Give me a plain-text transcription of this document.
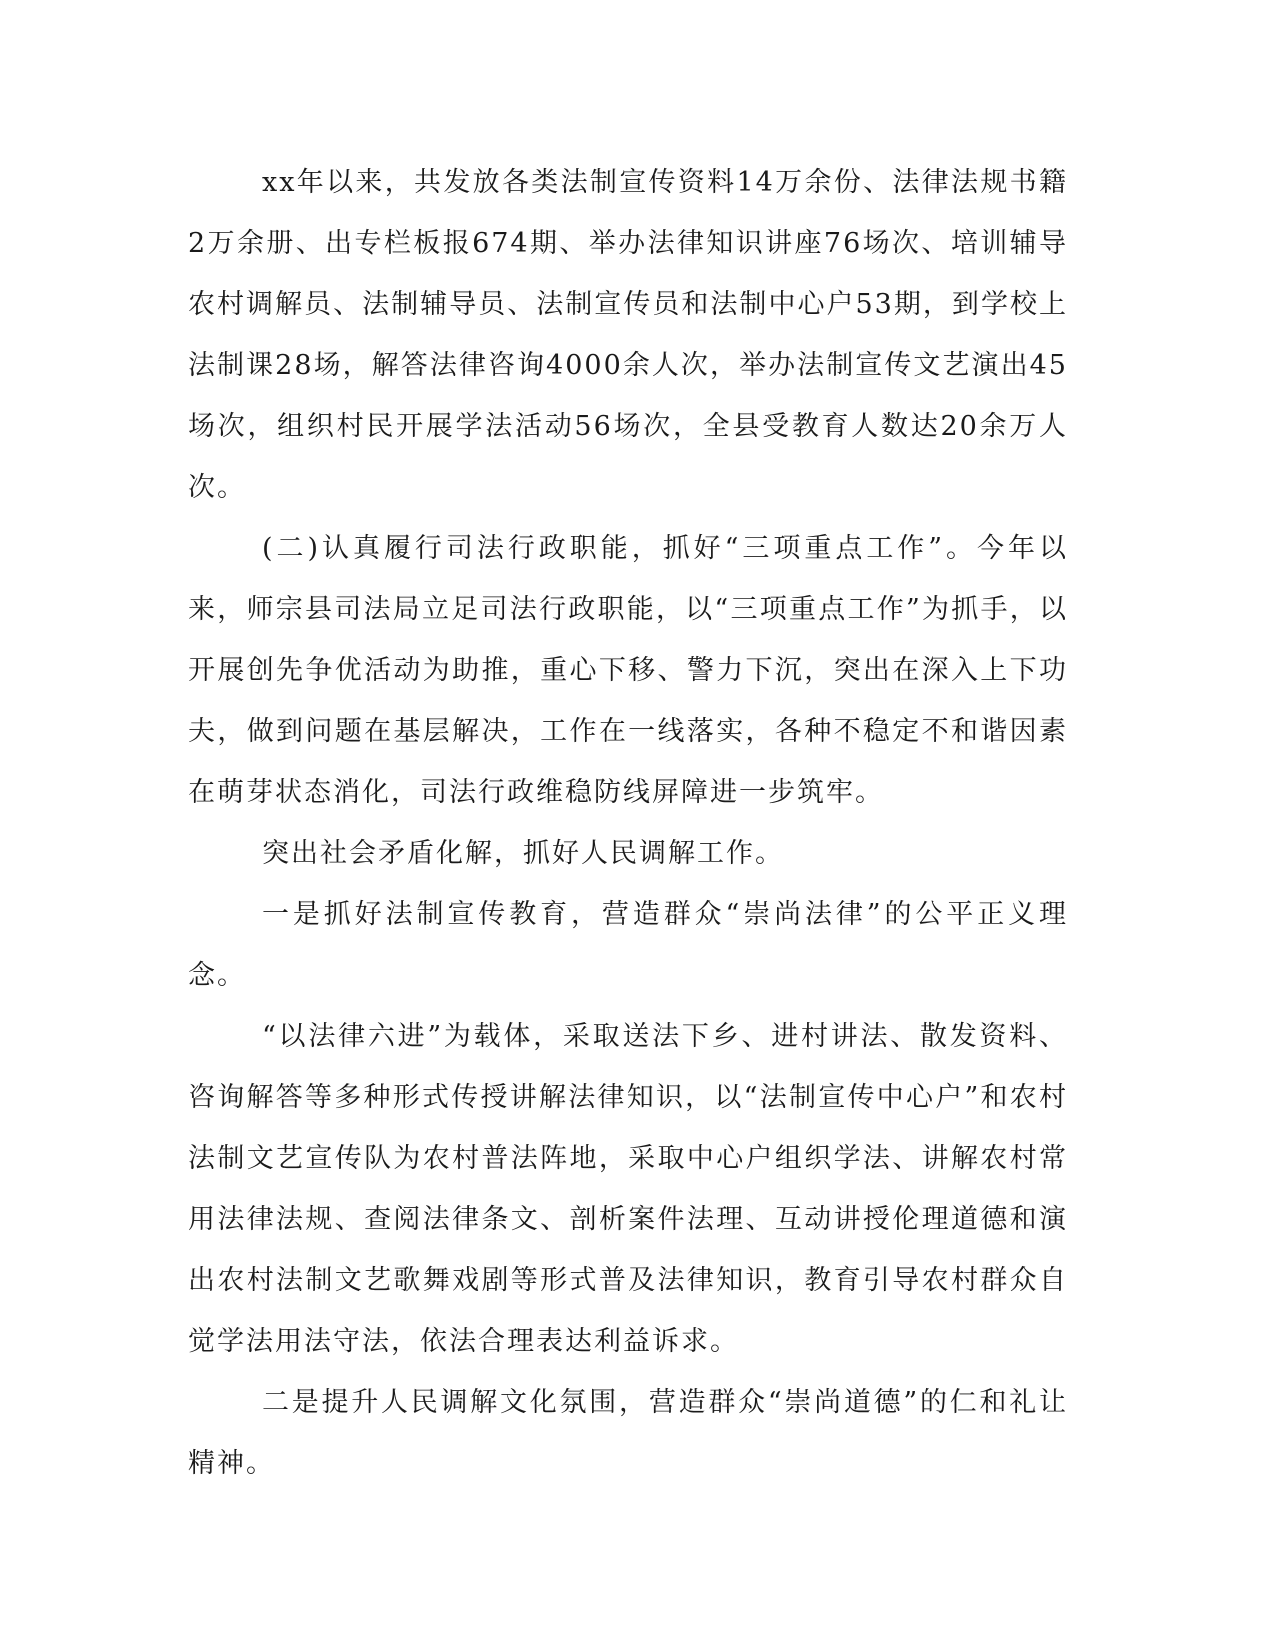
xx年以来，共发放各类法制宣传资料14万余份、法律法规书籍2万余册、出专栏板报674期、举办法律知识讲座76场次、培训辅导农村调解员、法制辅导员、法制宣传员和法制中心户53期，到学校上法制课28场，解答法律咨询4000余人次，举办法制宣传文艺演出45场次，组织村民开展学法活动56场次，全县受教育人数达20余万人次。

(二)认真履行司法行政职能，抓好“三项重点工作”。今年以来，师宗县司法局立足司法行政职能，以“三项重点工作”为抓手，以开展创先争优活动为助推，重心下移、警力下沉，突出在深入上下功夫，做到问题在基层解决，工作在一线落实，各种不稳定不和谐因素在萌芽状态消化，司法行政维稳防线屏障进一步筑牢。

突出社会矛盾化解，抓好人民调解工作。

一是抓好法制宣传教育，营造群众“崇尚法律”的公平正义理念。

“以法律六进”为载体，采取送法下乡、进村讲法、散发资料、咨询解答等多种形式传授讲解法律知识，以“法制宣传中心户”和农村法制文艺宣传队为农村普法阵地，采取中心户组织学法、讲解农村常用法律法规、查阅法律条文、剖析案件法理、互动讲授伦理道德和演出农村法制文艺歌舞戏剧等形式普及法律知识，教育引导农村群众自觉学法用法守法，依法合理表达利益诉求。

二是提升人民调解文化氛围，营造群众“崇尚道德”的仁和礼让精神。
